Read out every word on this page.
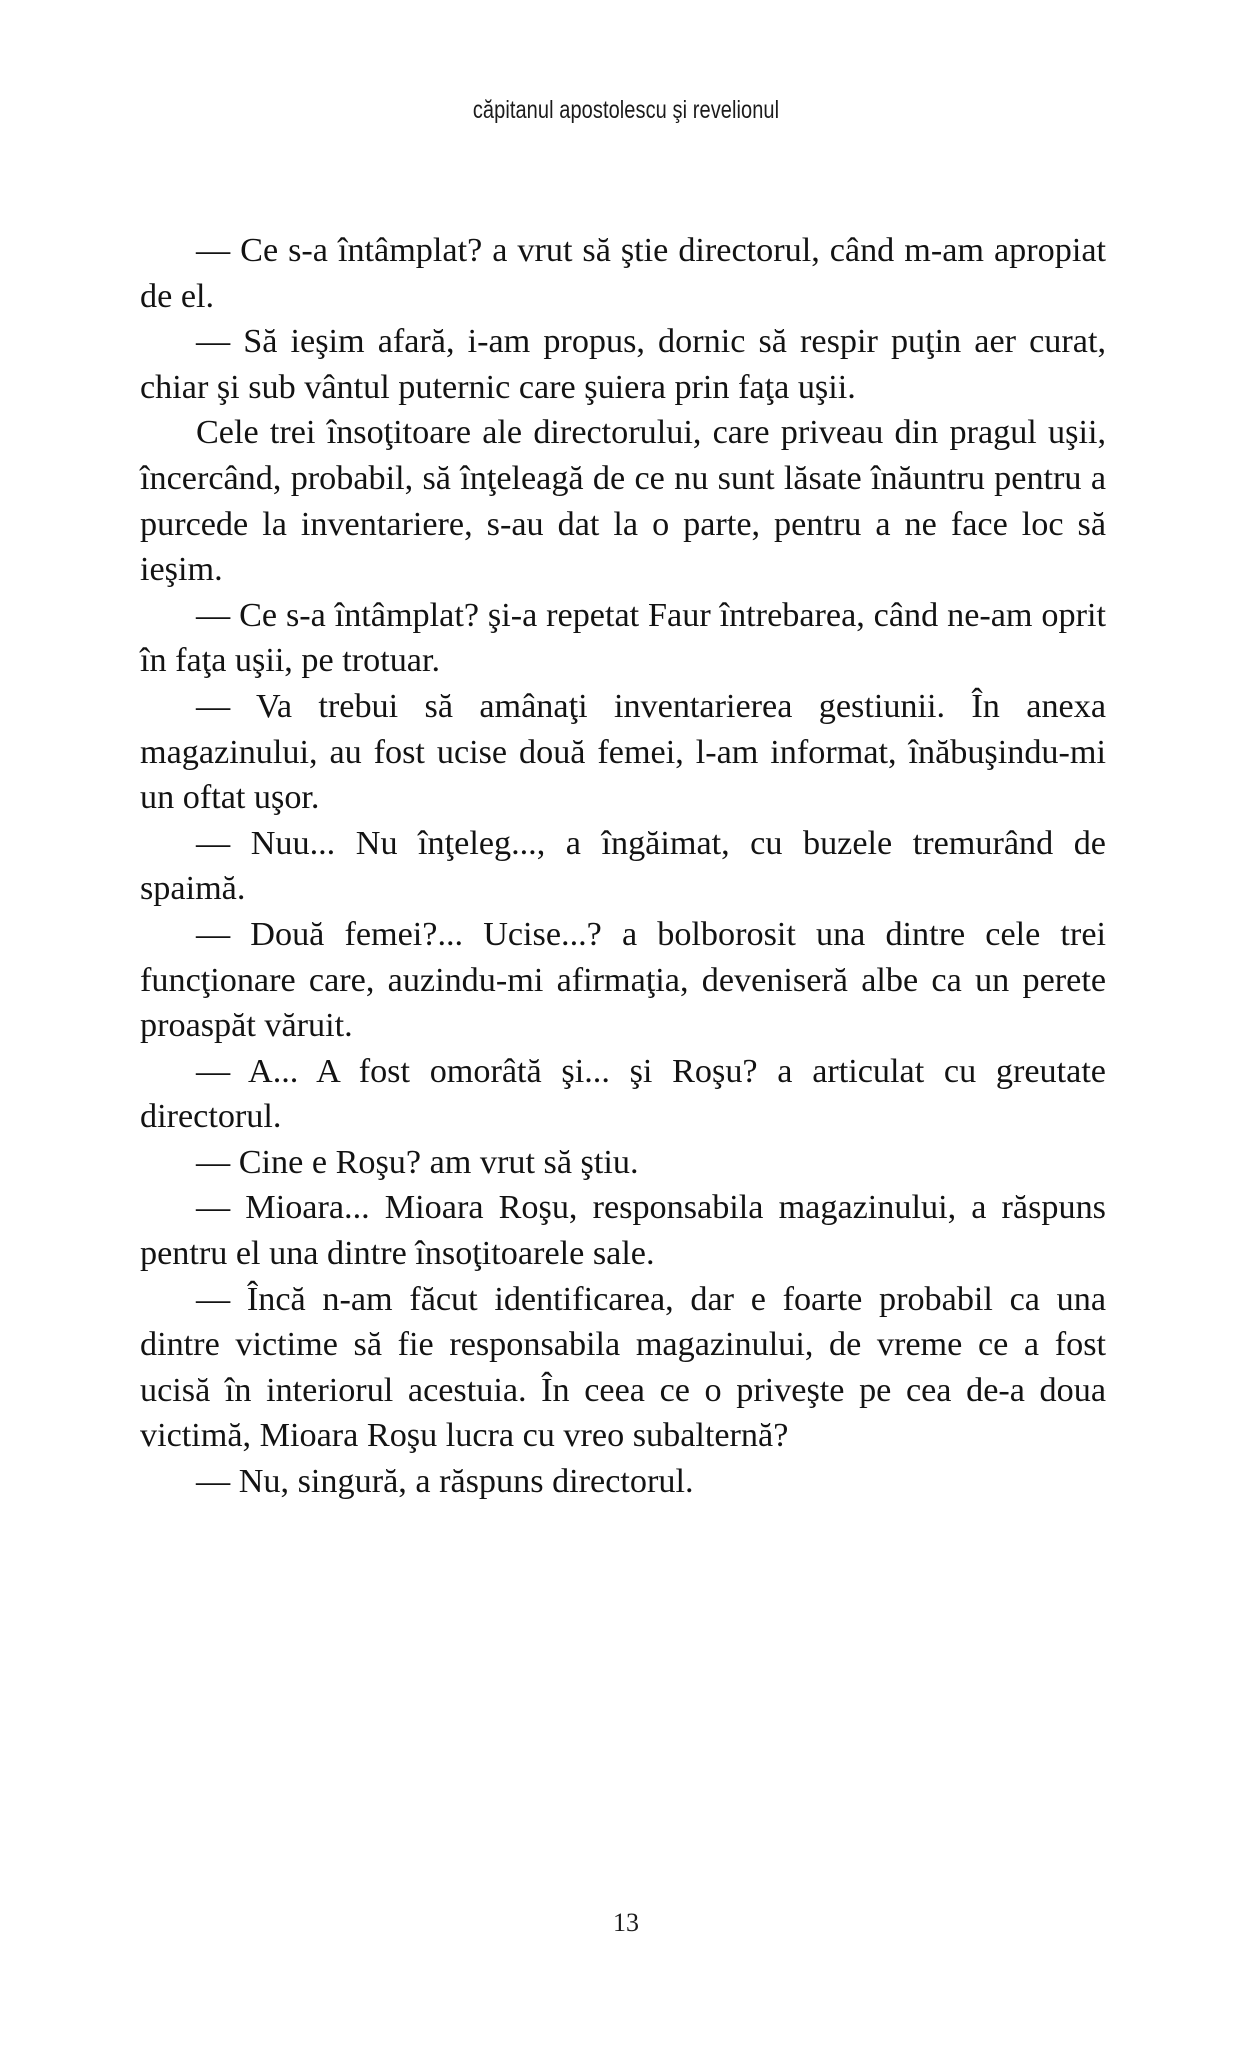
căpitanul apostolescu şi revelionul

— Ce s-a întâmplat? a vrut să ştie directorul, când m-am apropiat de el.

— Să ieşim afară, i-am propus, dornic să respir puţin aer curat, chiar şi sub vântul puternic care şuiera prin faţa uşii.

Cele trei însoţitoare ale directorului, care priveau din pragul uşii, încercând, probabil, să înţeleagă de ce nu sunt lăsate înăuntru pentru a purcede la inventariere, s-au dat la o parte, pentru a ne face loc să ieşim.

— Ce s-a întâmplat? şi-a repetat Faur întrebarea, când ne-am oprit în faţa uşii, pe trotuar.

— Va trebui să amânaţi inventarierea gestiunii. În anexa magazinului, au fost ucise două femei, l-am informat, înăbuşindu-mi un oftat uşor.

— Nuu... Nu înţeleg..., a îngăimat, cu buzele tremurând de spaimă.

— Două femei?... Ucise...? a bolborosit una dintre cele trei funcţionare care, auzindu-mi afirmaţia, deveniseră albe ca un perete proaspăt văruit.

— A... A fost omorâtă şi... şi Roşu? a articulat cu greutate directorul.

— Cine e Roşu? am vrut să ştiu.

— Mioara... Mioara Roşu, responsabila magazinului, a răspuns pentru el una dintre însoţitoarele sale.

— Încă n-am făcut identificarea, dar e foarte probabil ca una dintre victime să fie responsabila magazinului, de vreme ce a fost ucisă în interiorul acestuia. În ceea ce o priveşte pe cea de-a doua victimă, Mioara Roşu lucra cu vreo subalternă?

— Nu, singură, a răspuns directorul.

13
